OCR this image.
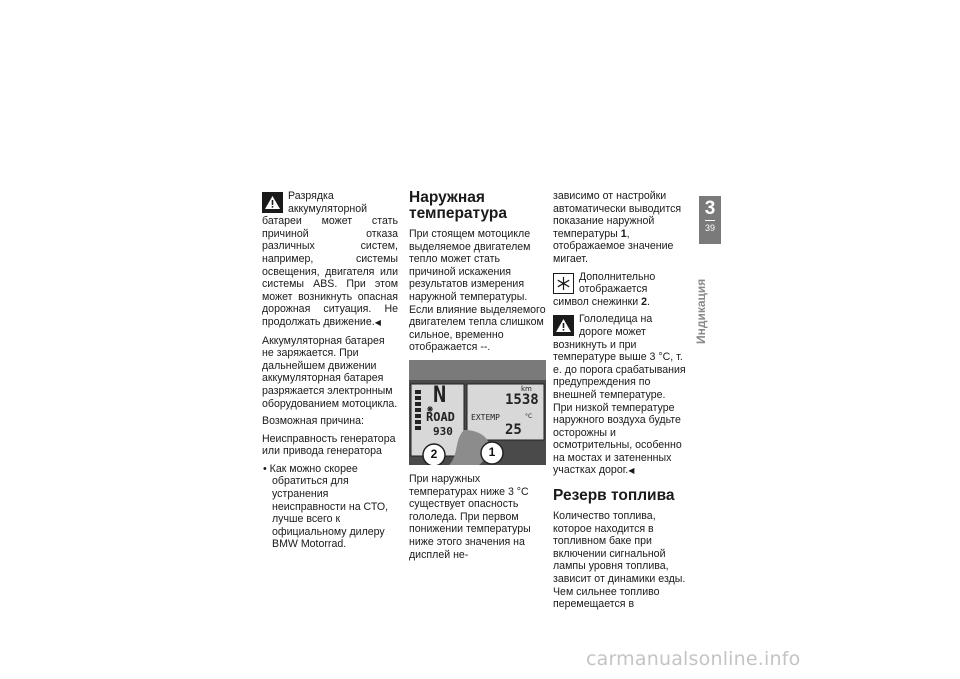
Разрядка аккумуляторной батареи может стать причиной отказа различных систем, например, системы освещения, двигателя или системы ABS. При этом может возникнуть опасная дорожная ситуация. Не продолжать движение.◀

Аккумуляторная батарея не заряжается. При дальнейшем движении аккумуляторная батарея разряжается электронным оборудованием мотоцикла.

Возможная причина:

Неисправность генератора или привода генератора

• Как можно скорее обратиться для устранения неисправности на СТО, лучше всего к официальному дилеру BMW Motorrad.

Наружная температура

При стоящем мотоцикле выделяемое двигателем тепло может стать причиной искажения результатов измерения наружной температуры. Если влияние выделяемого двигателем тепла слишком сильное, временно отображается --.

N
ROAD
930
km
1538
EXTEMP	°C
25
2	1

При наружных температурах ниже 3 °C существует опасность гололеда. При первом понижении температуры ниже этого значения на дисплей не-

зависимо от настройки автоматически выводится показание наружной температуры 1, отображаемое значение мигает.

Дополнительно отображается символ снежинки 2.

Гололедица на дороге может возникнуть и при температуре выше 3 °C, т. е. до порога срабатывания предупреждения по внешней температуре. При низкой температуре наружного воздуха будьте осторожны и осмотрительны, особенно на мостах и затененных участках дорог.◀

Резерв топлива

Количество топлива, которое находится в топливном баке при включении сигнальной лампы уровня топлива, зависит от динамики езды. Чем сильнее топливо перемещается в

3
39
Индикация
carmanualsonline.info
